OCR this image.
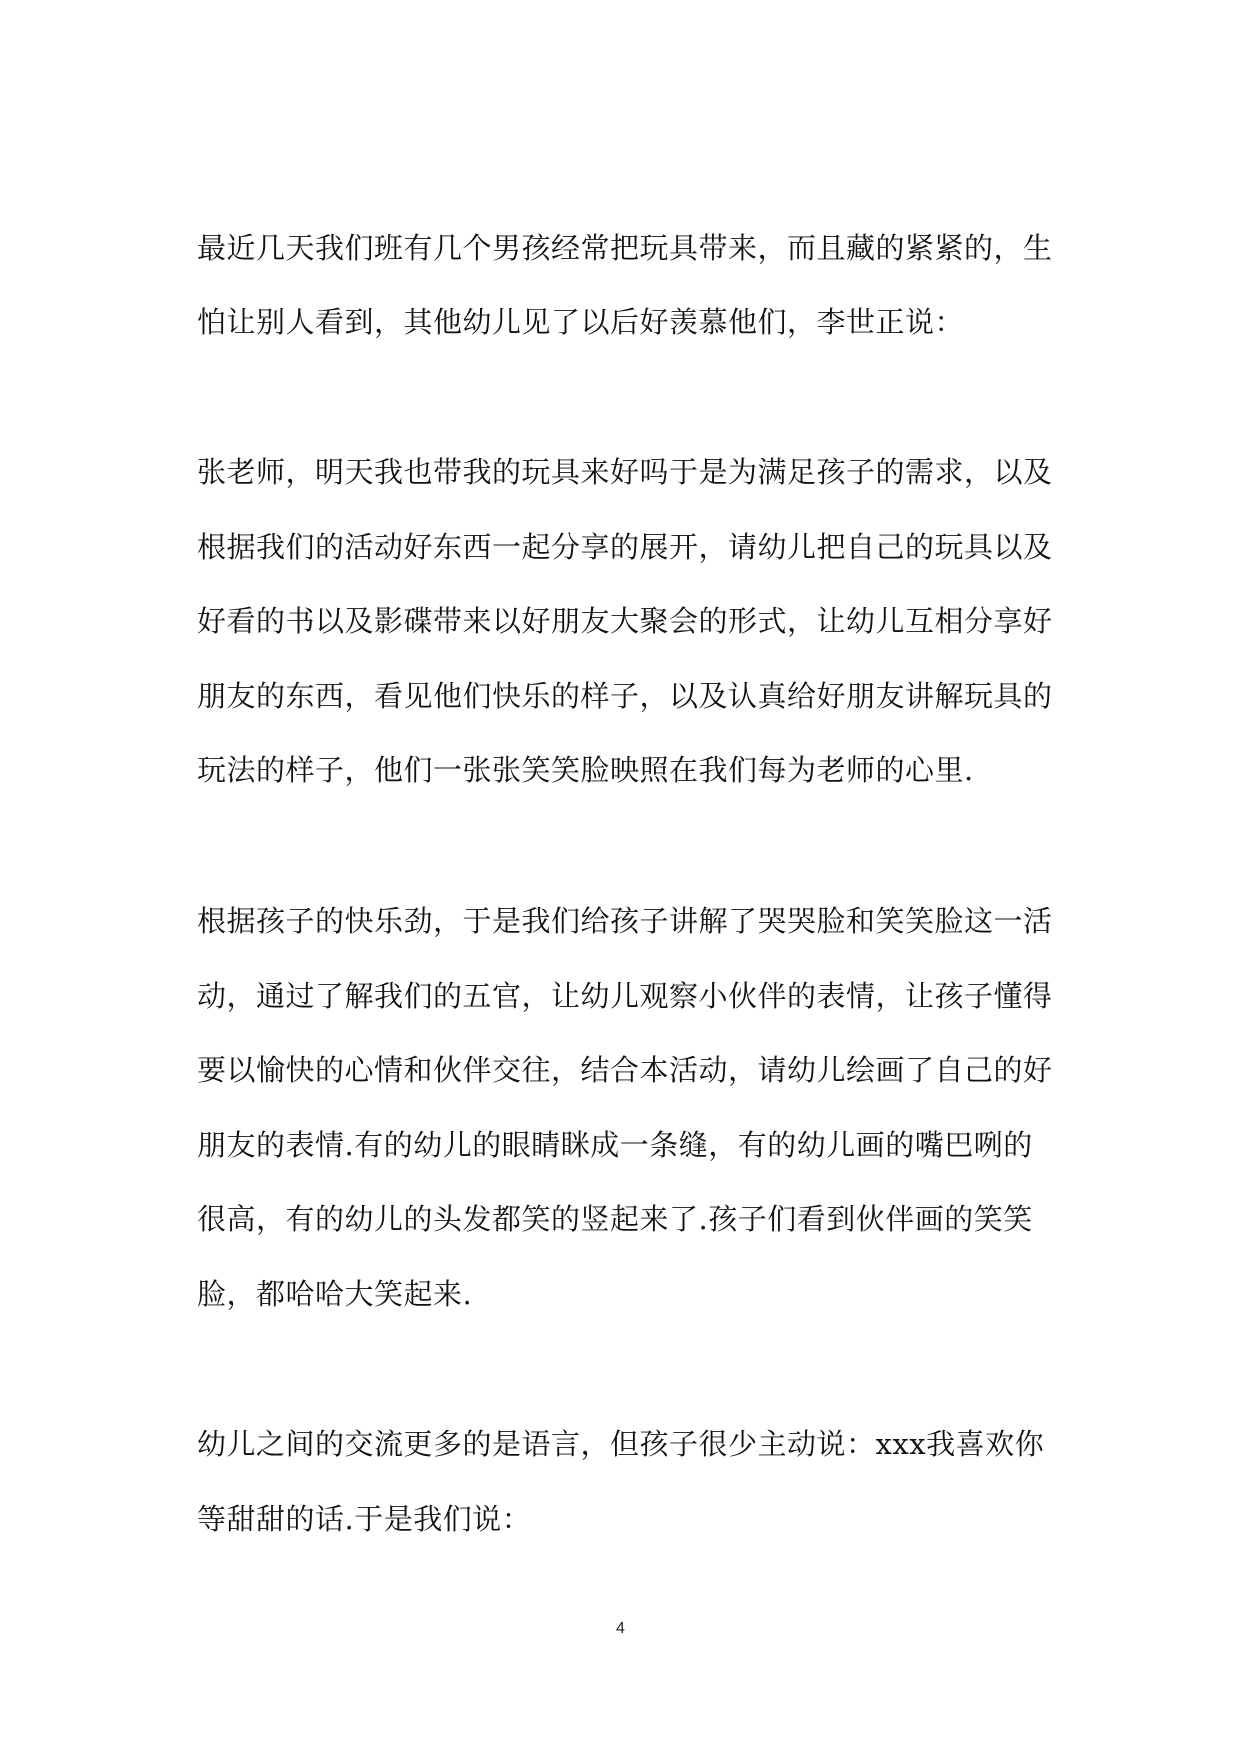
最近几天我们班有几个男孩经常把玩具带来，而且藏的紧紧的，生
怕让别人看到，其他幼儿见了以后好羡慕他们，李世正说：
张老师，明天我也带我的玩具来好吗于是为满足孩子的需求，以及
根据我们的活动好东西一起分享的展开，请幼儿把自己的玩具以及
好看的书以及影碟带来以好朋友大聚会的形式，让幼儿互相分享好
朋友的东西，看见他们快乐的样子，以及认真给好朋友讲解玩具的
玩法的样子，他们一张张笑笑脸映照在我们每为老师的心里.
根据孩子的快乐劲，于是我们给孩子讲解了哭哭脸和笑笑脸这一活
动，通过了解我们的五官，让幼儿观察小伙伴的表情，让孩子懂得
要以愉快的心情和伙伴交往，结合本活动，请幼儿绘画了自己的好
朋友的表情.有的幼儿的眼睛眯成一条缝，有的幼儿画的嘴巴咧的
很高，有的幼儿的头发都笑的竖起来了.孩子们看到伙伴画的笑笑
脸，都哈哈大笑起来.
幼儿之间的交流更多的是语言，但孩子很少主动说：xxx我喜欢你
等甜甜的话.于是我们说：
4
